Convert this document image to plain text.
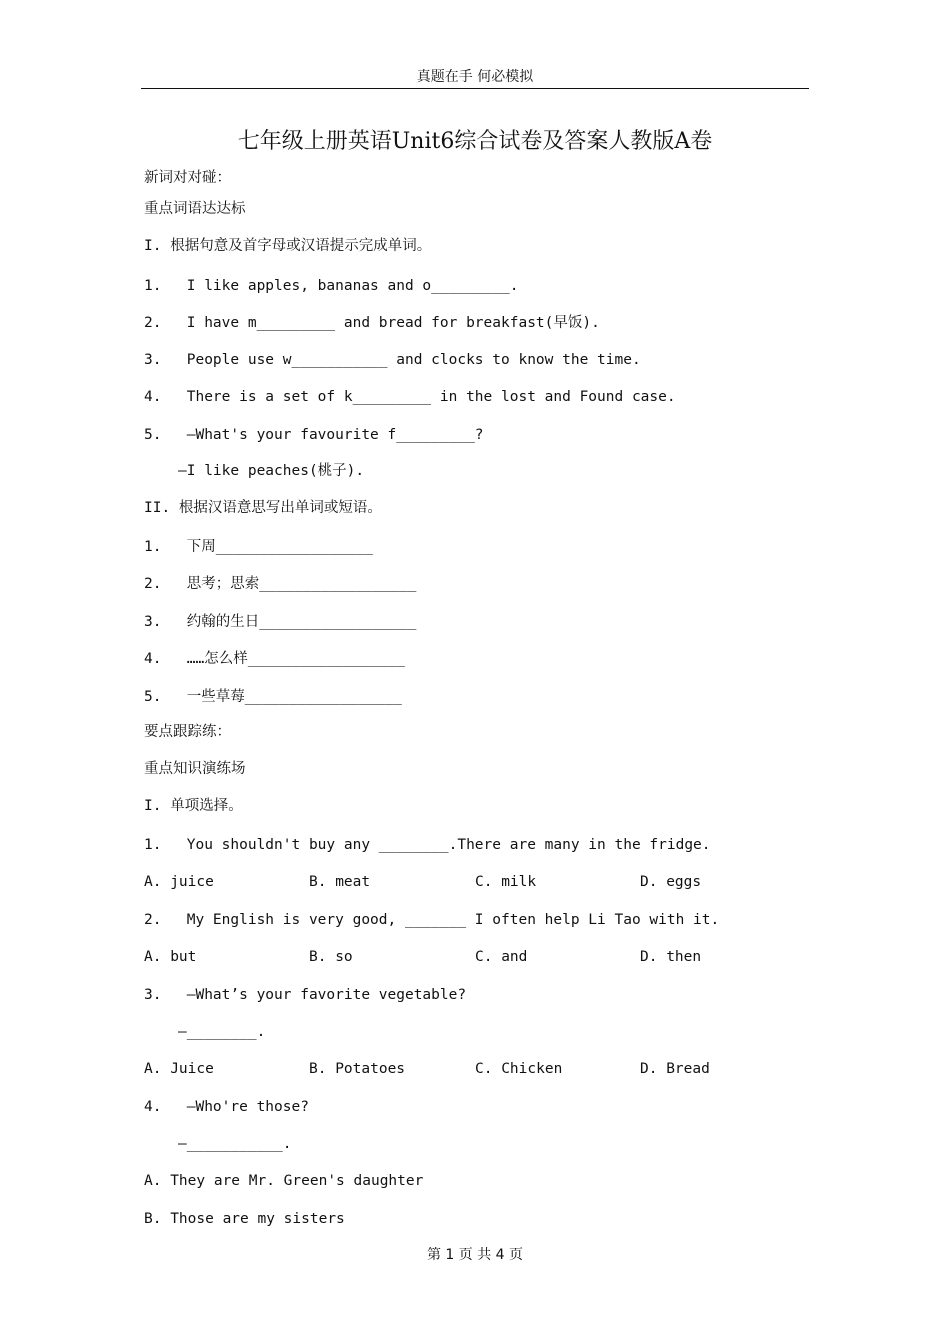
真题在手 何必模拟
七年级上册英语Unit6综合试卷及答案人教版A卷
新词对对碰：
重点词语达达标
I. 根据句意及首字母或汉语提示完成单词。
1. I like apples, bananas and o_________.
2. I have m_________ and bread for breakfast(早饭).
3. People use w___________ and clocks to know the time.
4. There is a set of k_________ in the lost and Found case.
5. —What's your favourite f_________?
—I like peaches(桃子).
II. 根据汉语意思写出单词或短语。
1. 下周__________________
2. 思考；思索__________________
3. 约翰的生日__________________
4. ……怎么样__________________
5. 一些草莓__________________
要点跟踪练：
重点知识演练场
I. 单项选择。
1. You shouldn't buy any ________.There are many in the fridge.
A. juice	B. meat	C. milk	D. eggs
2. My English is very good, _______ I often help Li Tao with it.
A. but	B. so	C. and	D. then
3. —What’s your favorite vegetable?
—________.
A. Juice	B. Potatoes	C. Chicken	D. Bread
4. —Who're those?
—___________.
A. They are Mr. Green's daughter
B. Those are my sisters
第 1 页 共 4 页
